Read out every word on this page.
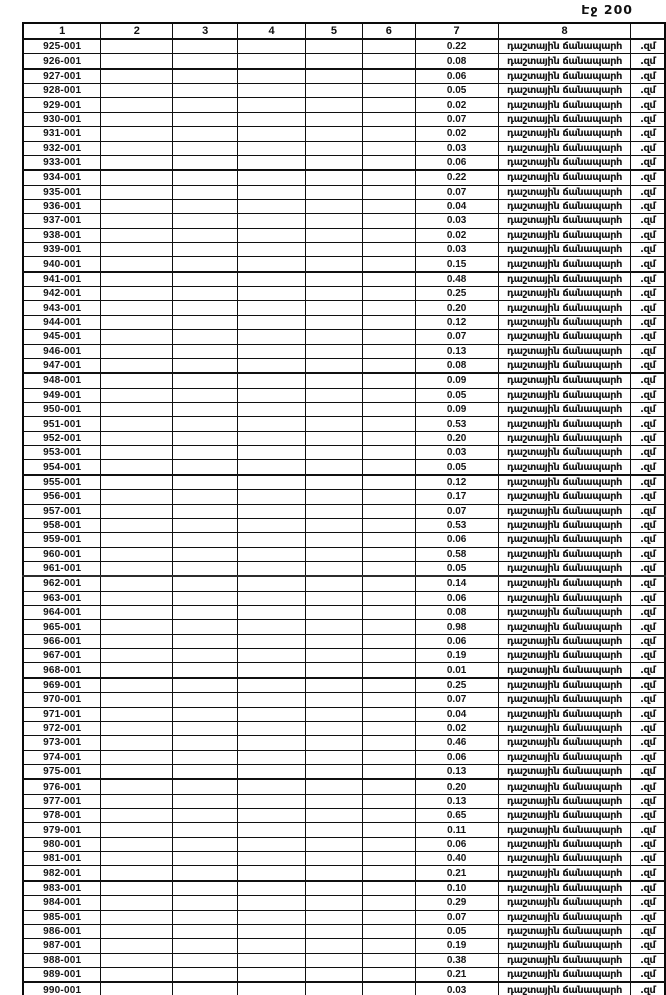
Էջ 200
1	2	3	4	5	6	7	8	
925-001						0.22	դաշտային ճանապարհ	.զմ
926-001						0.08	դաշտային ճանապարհ	.զմ
927-001						0.06	դաշտային ճանապարհ	.զմ
928-001						0.05	դաշտային ճանապարհ	.զմ
929-001						0.02	դաշտային ճանապարհ	.զմ
930-001						0.07	դաշտային ճանապարհ	.զմ
931-001						0.02	դաշտային ճանապարհ	.զմ
932-001						0.03	դաշտային ճանապարհ	.զմ
933-001						0.06	դաշտային ճանապարհ	.զմ
934-001						0.22	դաշտային ճանապարհ	.զմ
935-001						0.07	դաշտային ճանապարհ	.զմ
936-001						0.04	դաշտային ճանապարհ	.զմ
937-001						0.03	դաշտային ճանապարհ	.զմ
938-001						0.02	դաշտային ճանապարհ	.զմ
939-001						0.03	դաշտային ճանապարհ	.զմ
940-001						0.15	դաշտային ճանապարհ	.զմ
941-001						0.48	դաշտային ճանապարհ	.զմ
942-001						0.25	դաշտային ճանապարհ	.զմ
943-001						0.20	դաշտային ճանապարհ	.զմ
944-001						0.12	դաշտային ճանապարհ	.զմ
945-001						0.07	դաշտային ճանապարհ	.զմ
946-001						0.13	դաշտային ճանապարհ	.զմ
947-001						0.08	դաշտային ճանապարհ	.զմ
948-001						0.09	դաշտային ճանապարհ	.զմ
949-001						0.05	դաշտային ճանապարհ	.զմ
950-001						0.09	դաշտային ճանապարհ	.զմ
951-001						0.53	դաշտային ճանապարհ	.զմ
952-001						0.20	դաշտային ճանապարհ	.զմ
953-001						0.03	դաշտային ճանապարհ	.զմ
954-001						0.05	դաշտային ճանապարհ	.զմ
955-001						0.12	դաշտային ճանապարհ	.զմ
956-001						0.17	դաշտային ճանապարհ	.զմ
957-001						0.07	դաշտային ճանապարհ	.զմ
958-001						0.53	դաշտային ճանապարհ	.զմ
959-001						0.06	դաշտային ճանապարհ	.զմ
960-001						0.58	դաշտային ճանապարհ	.զմ
961-001						0.05	դաշտային ճանապարհ	.զմ
962-001						0.14	դաշտային ճանապարհ	.զմ
963-001						0.06	դաշտային ճանապարհ	.զմ
964-001						0.08	դաշտային ճանապարհ	.զմ
965-001						0.98	դաշտային ճանապարհ	.զմ
966-001						0.06	դաշտային ճանապարհ	.զմ
967-001						0.19	դաշտային ճանապարհ	.զմ
968-001						0.01	դաշտային ճանապարհ	.զմ
969-001						0.25	դաշտային ճանապարհ	.զմ
970-001						0.07	դաշտային ճանապարհ	.զմ
971-001						0.04	դաշտային ճանապարհ	.զմ
972-001						0.02	դաշտային ճանապարհ	.զմ
973-001						0.46	դաշտային ճանապարհ	.զմ
974-001						0.06	դաշտային ճանապարհ	.զմ
975-001						0.13	դաշտային ճանապարհ	.զմ
976-001						0.20	դաշտային ճանապարհ	.զմ
977-001						0.13	դաշտային ճանապարհ	.զմ
978-001						0.65	դաշտային ճանապարհ	.զմ
979-001						0.11	դաշտային ճանապարհ	.զմ
980-001						0.06	դաշտային ճանապարհ	.զմ
981-001						0.40	դաշտային ճանապարհ	.զմ
982-001						0.21	դաշտային ճանապարհ	.զմ
983-001						0.10	դաշտային ճանապարհ	.զմ
984-001						0.29	դաշտային ճանապարհ	.զմ
985-001						0.07	դաշտային ճանապարհ	.զմ
986-001						0.05	դաշտային ճանապարհ	.զմ
987-001						0.19	դաշտային ճանապարհ	.զմ
988-001						0.38	դաշտային ճանապարհ	.զմ
989-001						0.21	դաշտային ճանապարհ	.զմ
990-001						0.03	դաշտային ճանապարհ	.զմ
